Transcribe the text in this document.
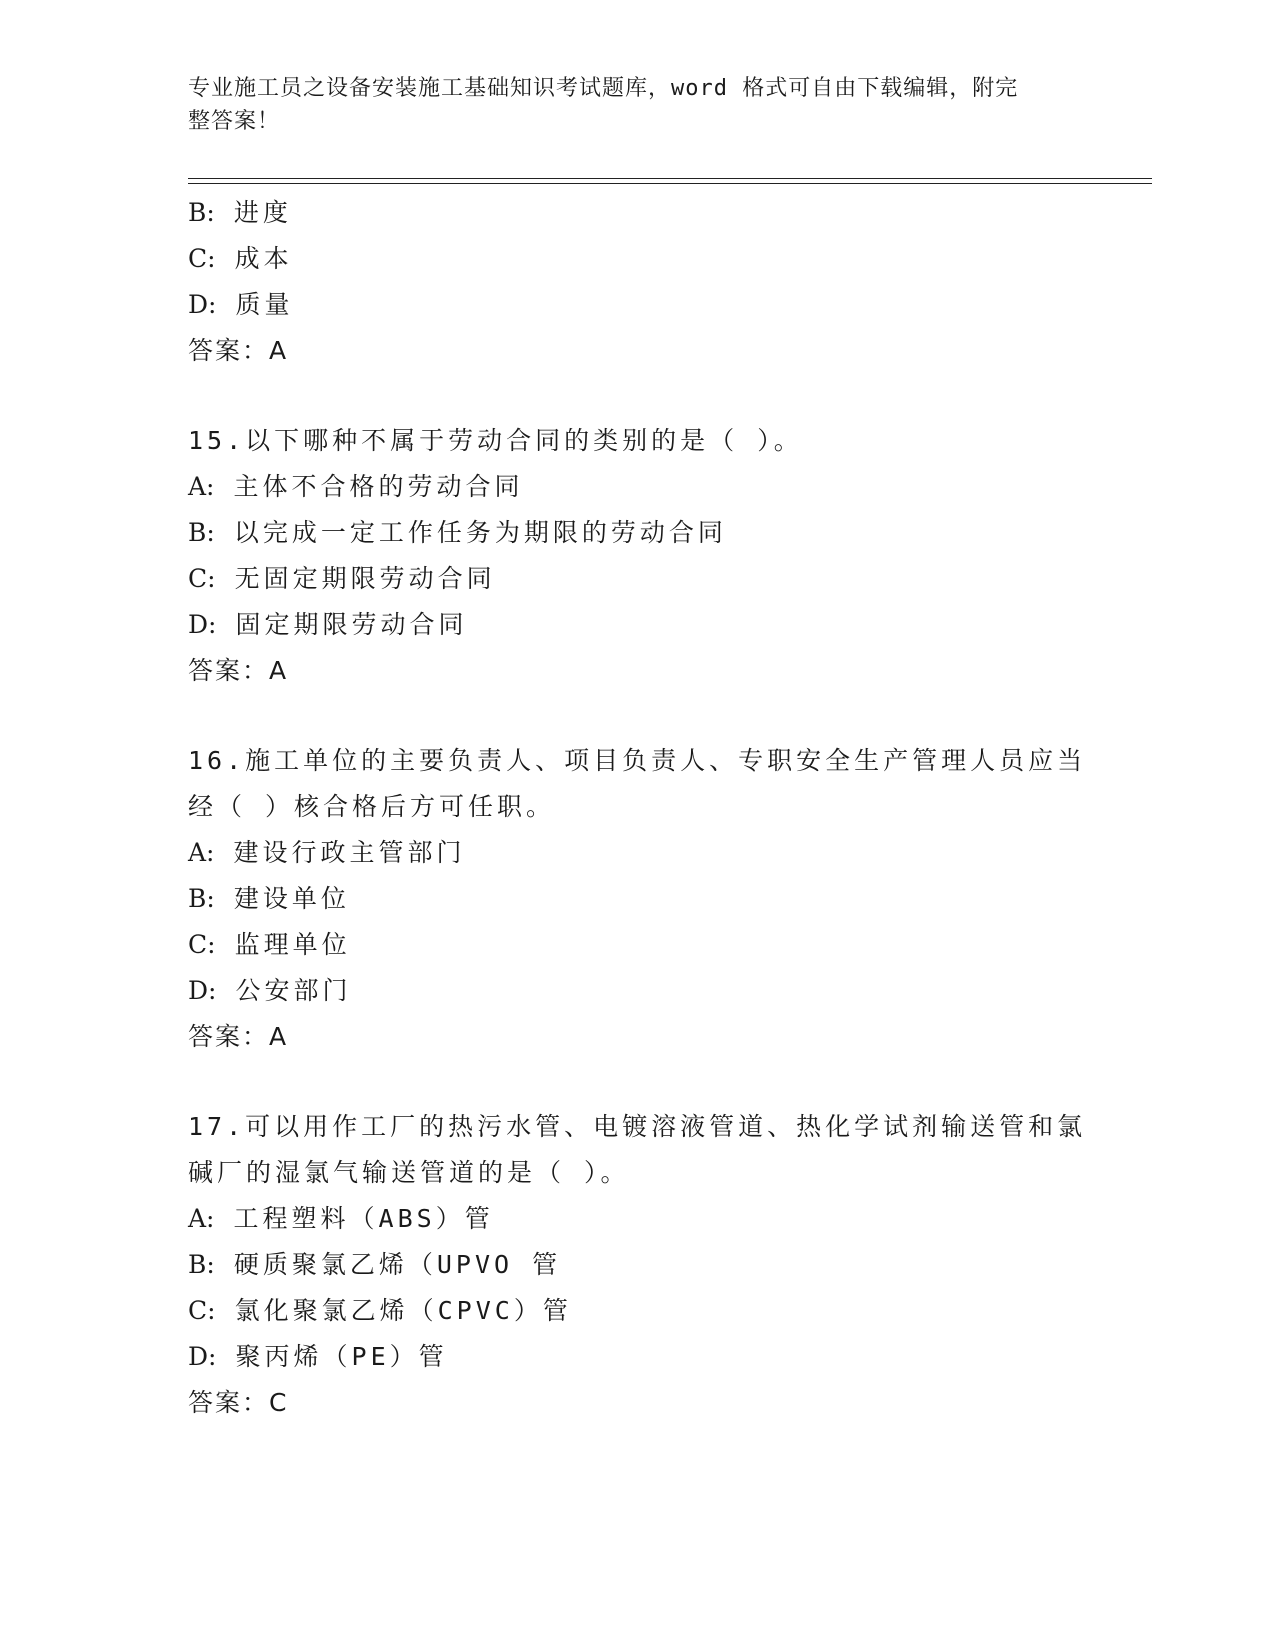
专业施工员之设备安装施工基础知识考试题库，word 格式可自由下载编辑，附完
整答案！
B: 进度
C: 成本
D: 质量
答案：A
15.以下哪种不属于劳动合同的类别的是（ ）。
A: 主体不合格的劳动合同
B: 以完成一定工作任务为期限的劳动合同
C: 无固定期限劳动合同
D: 固定期限劳动合同
答案：A
16.施工单位的主要负责人、项目负责人、专职安全生产管理人员应当
经（ ）核合格后方可任职。
A: 建设行政主管部门
B: 建设单位
C: 监理单位
D: 公安部门
答案：A
17.可以用作工厂的热污水管、电镀溶液管道、热化学试剂输送管和氯
碱厂的湿氯气输送管道的是（ ）。
A: 工程塑料（ABS）管
B: 硬质聚氯乙烯（UPVO 管
C: 氯化聚氯乙烯（CPVC）管
D: 聚丙烯（PE）管
答案：C
